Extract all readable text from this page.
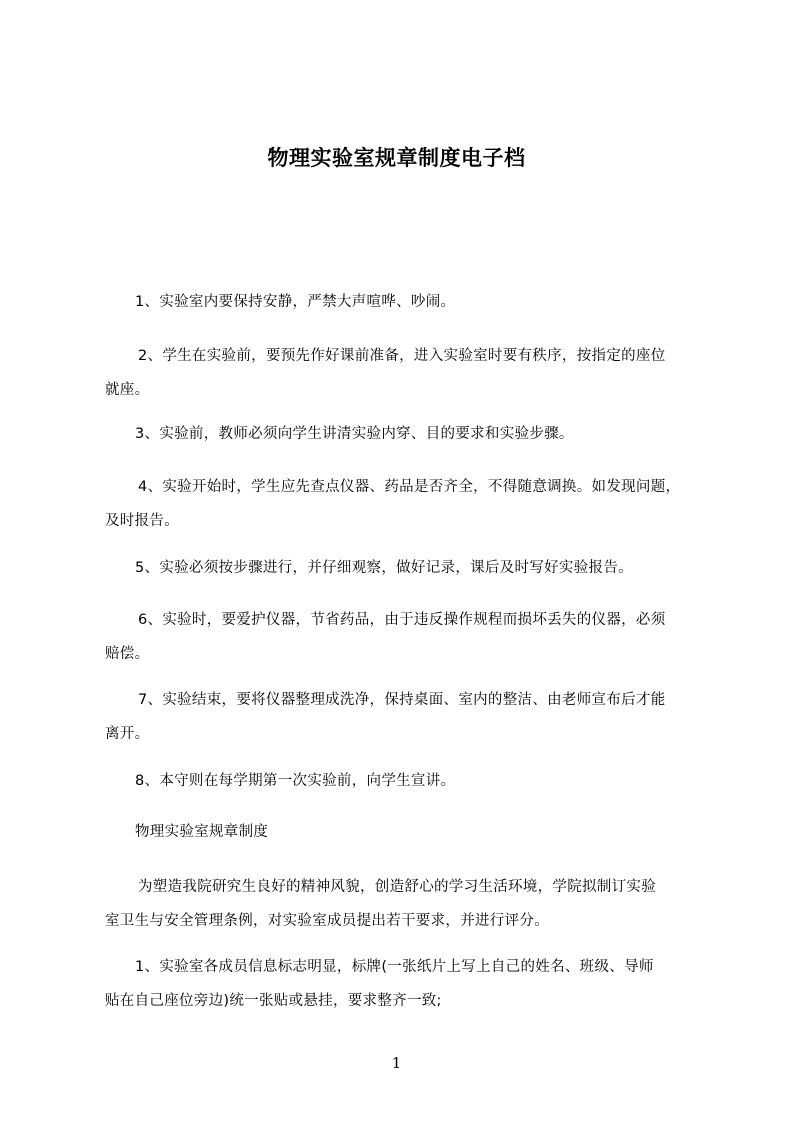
物理实验室规章制度电子档
1、实验室内要保持安静，严禁大声喧哗、吵闹。
2、学生在实验前，要预先作好课前准备，进入实验室时要有秩序，按指定的座位
就座。
3、实验前，教师必须向学生讲清实验内穿、目的要求和实验步骤。
4、实验开始时，学生应先查点仪器、药品是否齐全，不得随意调换。如发现问题，
及时报告。
5、实验必须按步骤进行，并仔细观察，做好记录，课后及时写好实验报告。
6、实验时，要爱护仪器，节省药品，由于违反操作规程而损坏丢失的仪器，必须
赔偿。
7、实验结束，要将仪器整理成洗净，保持桌面、室内的整洁、由老师宣布后才能
离开。
8、本守则在每学期第一次实验前，向学生宣讲。
物理实验室规章制度
为塑造我院研究生良好的精神风貌，创造舒心的学习生活环境，学院拟制订实验
室卫生与安全管理条例，对实验室成员提出若干要求，并进行评分。
1、实验室各成员信息标志明显，标牌(一张纸片上写上自己的姓名、班级、导师
贴在自己座位旁边)统一张贴或悬挂，要求整齐一致;
1
